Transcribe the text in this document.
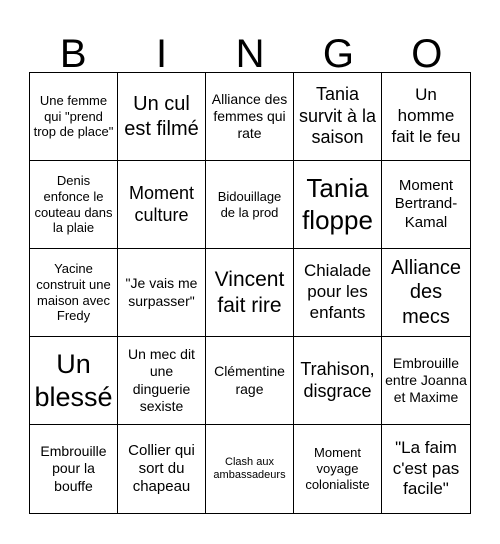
B	I	N	G	O
Une femme qui "prend trop de place"
Un cul est filmé
Alliance des femmes qui rate
Tania survit à la saison
Un homme fait le feu
Denis enfonce le couteau dans la plaie
Moment culture
Bidouillage de la prod
Tania floppe
Moment Bertrand-Kamal
Yacine construit une maison avec Fredy
"Je vais me surpasser"
Vincent fait rire
Chialade pour les enfants
Alliance des mecs
Un blessé
Un mec dit une dinguerie sexiste
Clémentine rage
Trahison, disgrace
Embrouille entre Joanna et Maxime
Embrouille pour la bouffe
Collier qui sort du chapeau
Clash aux ambassadeurs
Moment voyage colonialiste
"La faim c'est pas facile"
